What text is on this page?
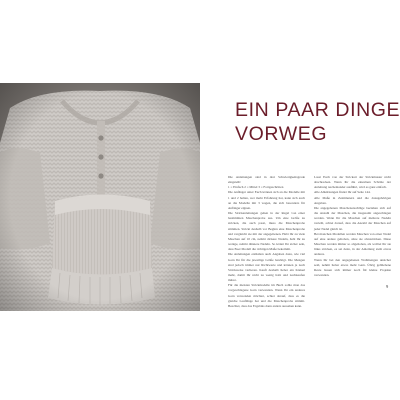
EIN PAAR DINGE
VORWEG

Die Anleitungen sind in drei Schwierigkeitsgrade eingeteilt:

1 = Einfach 2 = Mittel 3 = Fortgeschritten

Die Anfänger unter Euch können sich an die Modelle mit 1 und 2 halten, wer mehr Erfahrung hat, kann sich auch an die Modelle mit 3 wagen, die sich besonders für Anfänger eignen.

Die Strickanleitungen gehen in der Regel von einer bestimmten Maschenprobe aus. Um eine Größe zu stricken, die auch passt, muss die Maschenprobe stimmen. Strickt deshalb vor Beginn eine Maschenprobe und vergleicht sie mit der angegebenen. Habt Ihr zu viele Maschen auf 10 cm, nehmt dickere Nadeln, habt Ihr zu wenige, nehmt dünnere Nadeln. So könnt Ihr sicher sein, dass Euer Modell die richtigen Maße bekommt.

Die Anleitungen enthalten auch Angaben dazu, wie viel Garn Ihr für die jeweilige Größe benötigt. Die Mengen sind jedoch immer nur Richtwerte und können je nach Strickweise variieren. Kauft deshalb lieber ein Knäuel mehr, damit Ihr nicht zu wenig habt und nachkaufen müsst.

Für die meisten Strickmodelle im Buch sollte man das vorgeschlagene Garn verwenden. Wenn Ihr ein anderes Garn verwenden möchtet, achtet darauf, dass es die gleiche Lauflänge hat und die Maschenprobe stimmt. Beachtet, dass das Ergebnis dann anders aussehen kann.

Lasst Euch von der Strickart der Strickmuster nicht abschrecken. Wenn Ihr die einzelnen Schritte der Anleitung nacheinander ausführt, wird es ganz einfach.

Alle Abkürzungen findet Ihr auf Seite 144.

Alle Maße in Zentimetern und die dazugehörigen Angaben.

Die angegebenen Maschenanschläge beziehen sich auf die Anzahl der Maschen, die insgesamt angeschlagen werden. Wenn Ihr die Maschen auf mehrere Nadeln verteilt, achtet darauf, dass die Anzahl der Maschen auf jeder Nadel gleich ist.

Bei manchen Modellen werden Maschen von einer Nadel auf eine andere gehoben, ohne sie abzustricken. Diese Maschen werden immer so abgehoben, als wolltet Ihr sie links stricken, es sei denn, in der Anleitung steht etwas anderes.

Wenn Ihr bei den angegebenen Wollmengen unsicher seid, nehmt lieber etwas mehr Garn. Übrig gebliebene Reste lassen sich immer noch für kleine Projekte verwenden.

9
